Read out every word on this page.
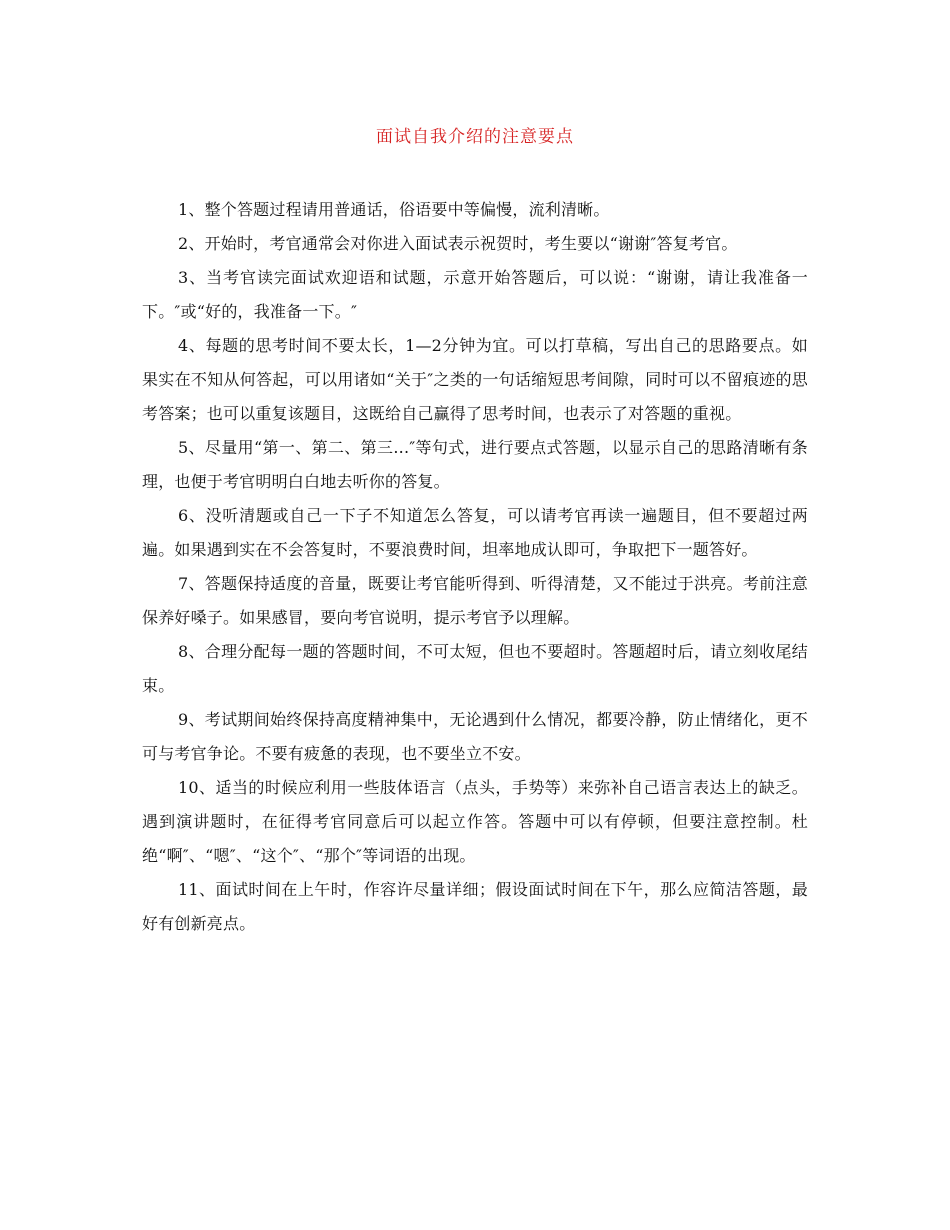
面试自我介绍的注意要点

1、整个答题过程请用普通话，俗语要中等偏慢，流利清晰。

2、开始时，考官通常会对你进入面试表示祝贺时，考生要以“谢谢″答复考官。

3、当考官读完面试欢迎语和试题，示意开始答题后，可以说：“谢谢，请让我准备一下。″或“好的，我准备一下。″

4、每题的思考时间不要太长，1—2分钟为宜。可以打草稿，写出自己的思路要点。如果实在不知从何答起，可以用诸如“关于″之类的一句话缩短思考间隙，同时可以不留痕迹的思考答案；也可以重复该题目，这既给自己赢得了思考时间，也表示了对答题的重视。

5、尽量用“第一、第二、第三...″等句式，进行要点式答题，以显示自己的思路清晰有条理，也便于考官明明白白地去听你的答复。

6、没听清题或自己一下子不知道怎么答复，可以请考官再读一遍题目，但不要超过两遍。如果遇到实在不会答复时，不要浪费时间，坦率地成认即可，争取把下一题答好。

7、答题保持适度的音量，既要让考官能听得到、听得清楚，又不能过于洪亮。考前注意保养好嗓子。如果感冒，要向考官说明，提示考官予以理解。

8、合理分配每一题的答题时间，不可太短，但也不要超时。答题超时后，请立刻收尾结束。

9、考试期间始终保持高度精神集中，无论遇到什么情况，都要冷静，防止情绪化，更不可与考官争论。不要有疲惫的表现，也不要坐立不安。

10、适当的时候应利用一些肢体语言（点头，手势等）来弥补自己语言表达上的缺乏。遇到演讲题时，在征得考官同意后可以起立作答。答题中可以有停顿，但要注意控制。杜绝“啊″、“嗯″、“这个″、“那个″等词语的出现。

11、面试时间在上午时，作容许尽量详细；假设面试时间在下午，那么应简洁答题，最好有创新亮点。
